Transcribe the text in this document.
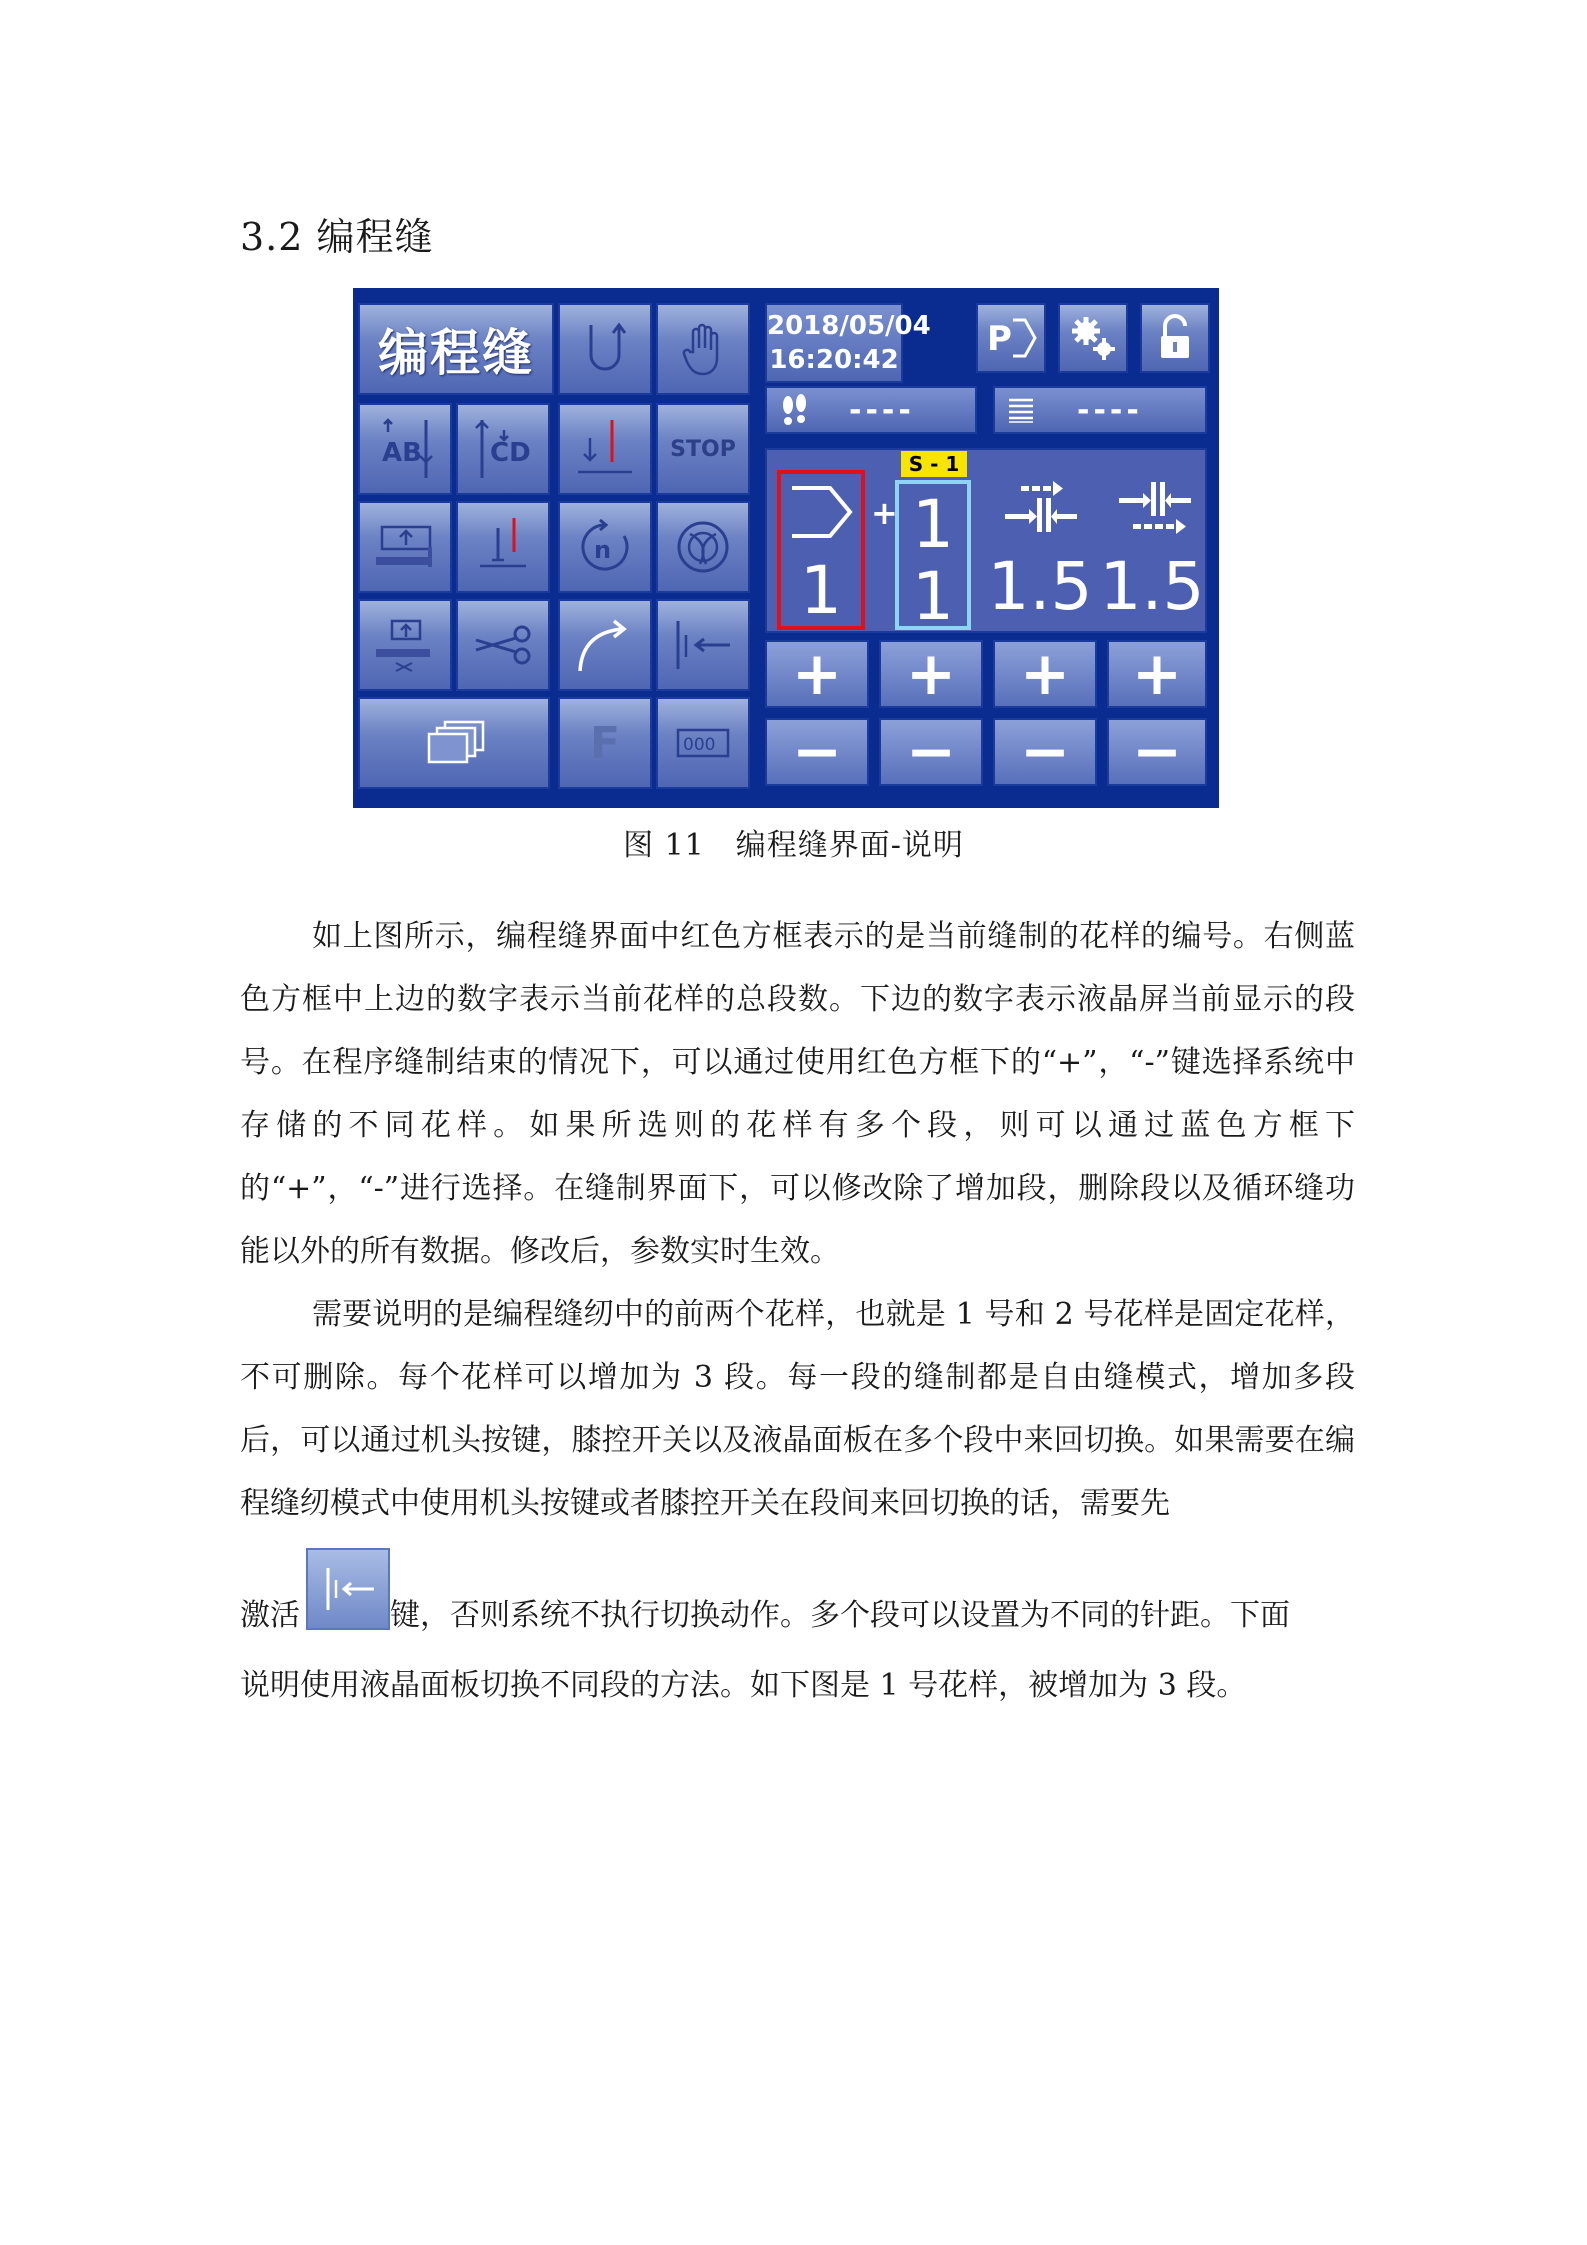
3.2 编程缝
编程缝	2018/05/04
16:20:42
P
----	----
AB	CD	STOP
n
F	000
1
+
S - 1
1
1 1.5 1.5
+	+	+	+
−	−	−	−
图 11　编程缝界面-说明

如上图所示，编程缝界面中红色方框表示的是当前缝制的花样的编号。右侧蓝色方框中上边的数字表示当前花样的总段数。下边的数字表示液晶屏当前显示的段号。在程序缝制结束的情况下，可以通过使用红色方框下的“+”，“-”键选择系统中存储的不同花样。如果所选则的花样有多个段，则可以通过蓝色方框下的“+”，“-”进行选择。在缝制界面下，可以修改除了增加段，删除段以及循环缝功能以外的所有数据。修改后，参数实时生效。

需要说明的是编程缝纫中的前两个花样，也就是 1 号和 2 号花样是固定花样，不可删除。每个花样可以增加为 3 段。每一段的缝制都是自由缝模式，增加多段后，可以通过机头按键，膝控开关以及液晶面板在多个段中来回切换。如果需要在编程缝纫模式中使用机头按键或者膝控开关在段间来回切换的话，需要先

激活	键，否则系统不执行切换动作。多个段可以设置为不同的针距。下面
说明使用液晶面板切换不同段的方法。如下图是 1 号花样，被增加为 3 段。
